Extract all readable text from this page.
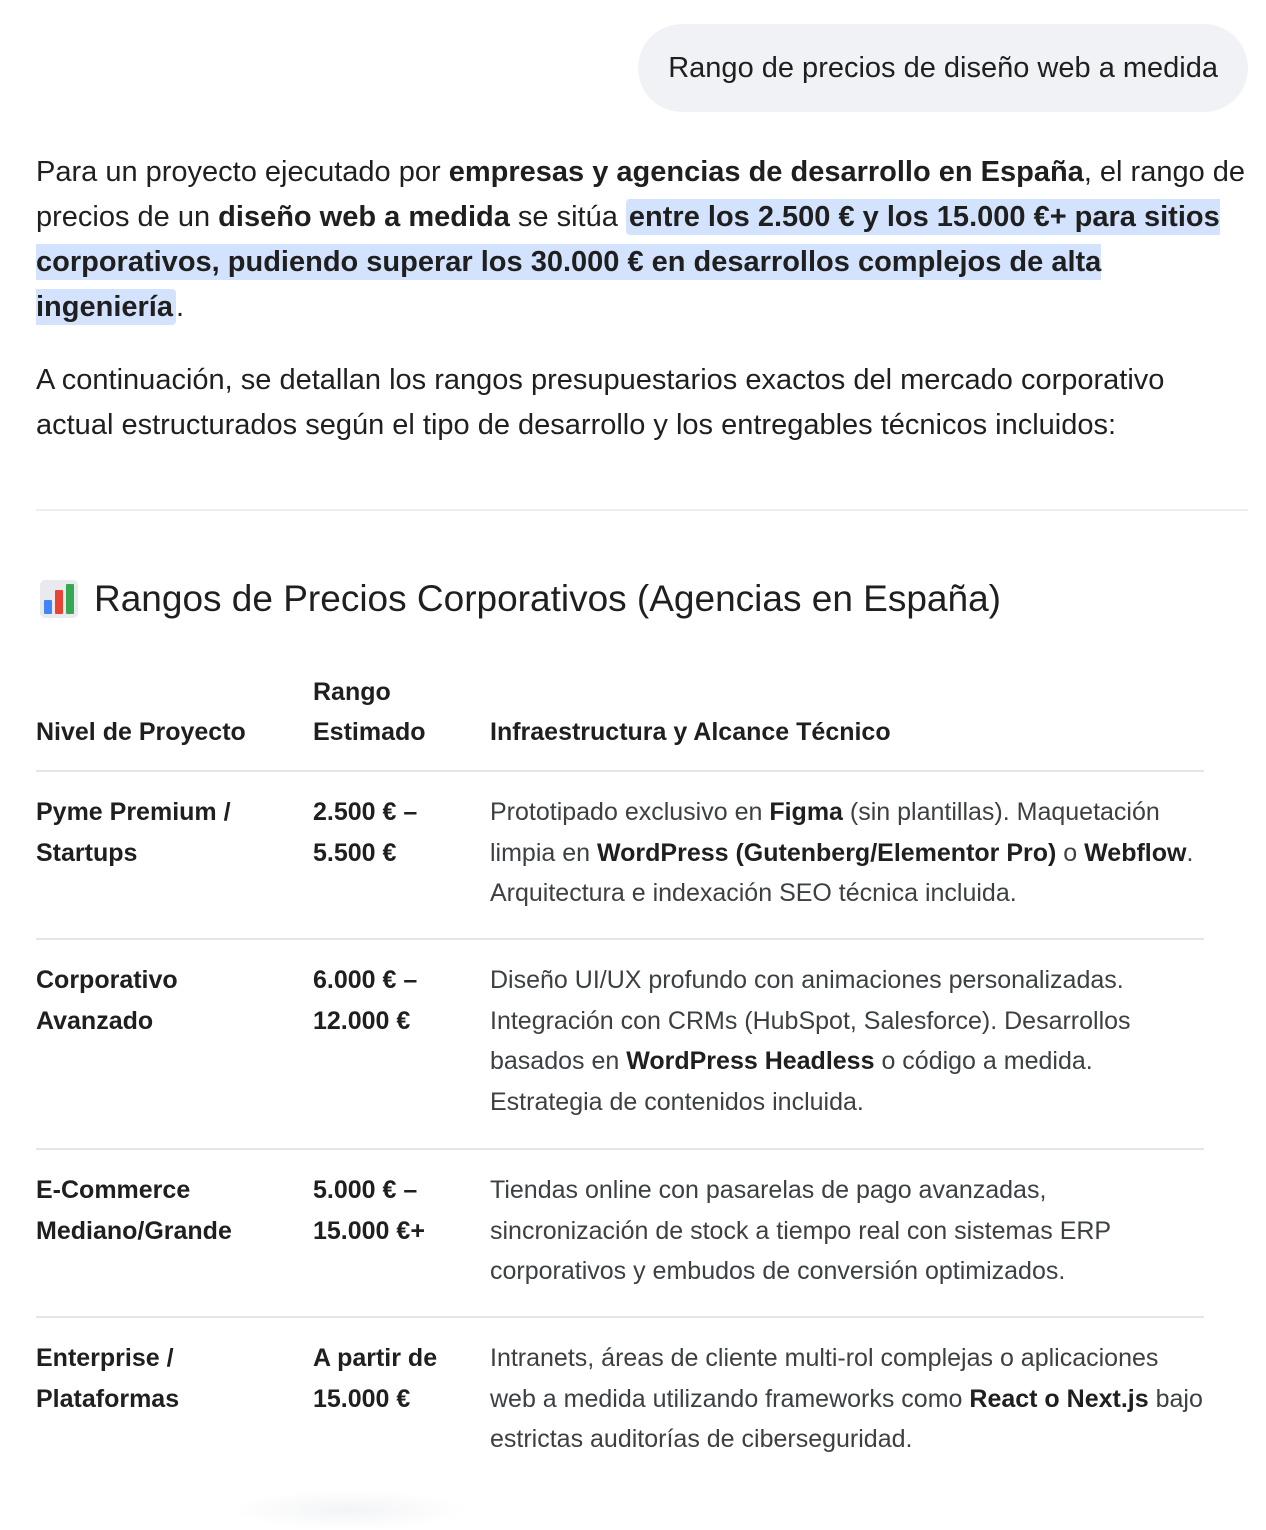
Rango de precios de diseño web a medida

Para un proyecto ejecutado por empresas y agencias de desarrollo en España, el rango de precios de un diseño web a medida se sitúa entre los 2.500 € y los 15.000 €+ para sitios corporativos, pudiendo superar los 30.000 € en desarrollos complejos de alta ingeniería .

A continuación, se detallan los rangos presupuestarios exactos del mercado corporativo actual estructurados según el tipo de desarrollo y los entregables técnicos incluidos:

Rangos de Precios Corporativos (Agencias en España)
Nivel de Proyecto
Rango Estimado	Infraestructura y Alcance Técnico
Pyme Premium / Startups
2.500 € – 5.500 €
Prototipado exclusivo en Figma (sin plantillas). Maquetación limpia en WordPress (Gutenberg/Elementor Pro) o Webflow. Arquitectura e indexación SEO técnica incluida.
Corporativo Avanzado
6.000 € – 12.000 €
Diseño UI/UX profundo con animaciones personalizadas. Integración con CRMs (HubSpot, Salesforce). Desarrollos basados en WordPress Headless o código a medida. Estrategia de contenidos incluida.
E-Commerce Mediano/Grande
5.000 € – 15.000 €+
Tiendas online con pasarelas de pago avanzadas, sincronización de stock a tiempo real con sistemas ERP corporativos y embudos de conversión optimizados.
Enterprise / Plataformas
A partir de 15.000 €
Intranets, áreas de cliente multi-rol complejas o aplicaciones web a medida utilizando frameworks como React o Next.js bajo estrictas auditorías de ciberseguridad.
